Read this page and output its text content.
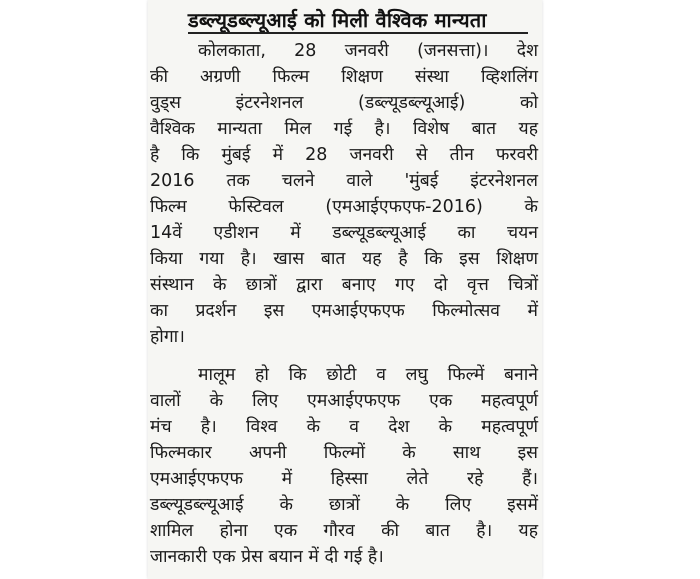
डब्ल्यूडब्ल्यूआई को मिली वैश्विक मान्यता
कोलकाता, 28 जनवरी (जनसत्ता)। देश
की अग्रणी फिल्म शिक्षण संस्था व्हिशलिंग
वुड्स इंटरनेशनल (डब्ल्यूडब्ल्यूआई) को
वैश्विक मान्यता मिल गई है। विशेष बात यह
है कि मुंबई में 28 जनवरी से तीन फरवरी
2016 तक चलने वाले 'मुंबई इंटरनेशनल
फिल्म फेस्टिवल (एमआईएफएफ-2016) के
14वें एडीशन में डब्ल्यूडब्ल्यूआई का चयन
किया गया है। खास बात यह है कि इस शिक्षण
संस्थान के छात्रों द्वारा बनाए गए दो वृत्त चित्रों
का प्रदर्शन इस एमआईएफएफ फिल्मोत्सव में
होगा।
मालूम हो कि छोटी व लघु फिल्में बनाने
वालों के लिए एमआईएफएफ एक महत्वपूर्ण
मंच है। विश्व के व देश के महत्वपूर्ण
फिल्मकार अपनी फिल्मों के साथ इस
एमआईएफएफ में हिस्सा लेते रहे हैं।
डब्ल्यूडब्ल्यूआई के छात्रों के लिए इसमें
शामिल होना एक गौरव की बात है। यह
जानकारी एक प्रेस बयान में दी गई है।
